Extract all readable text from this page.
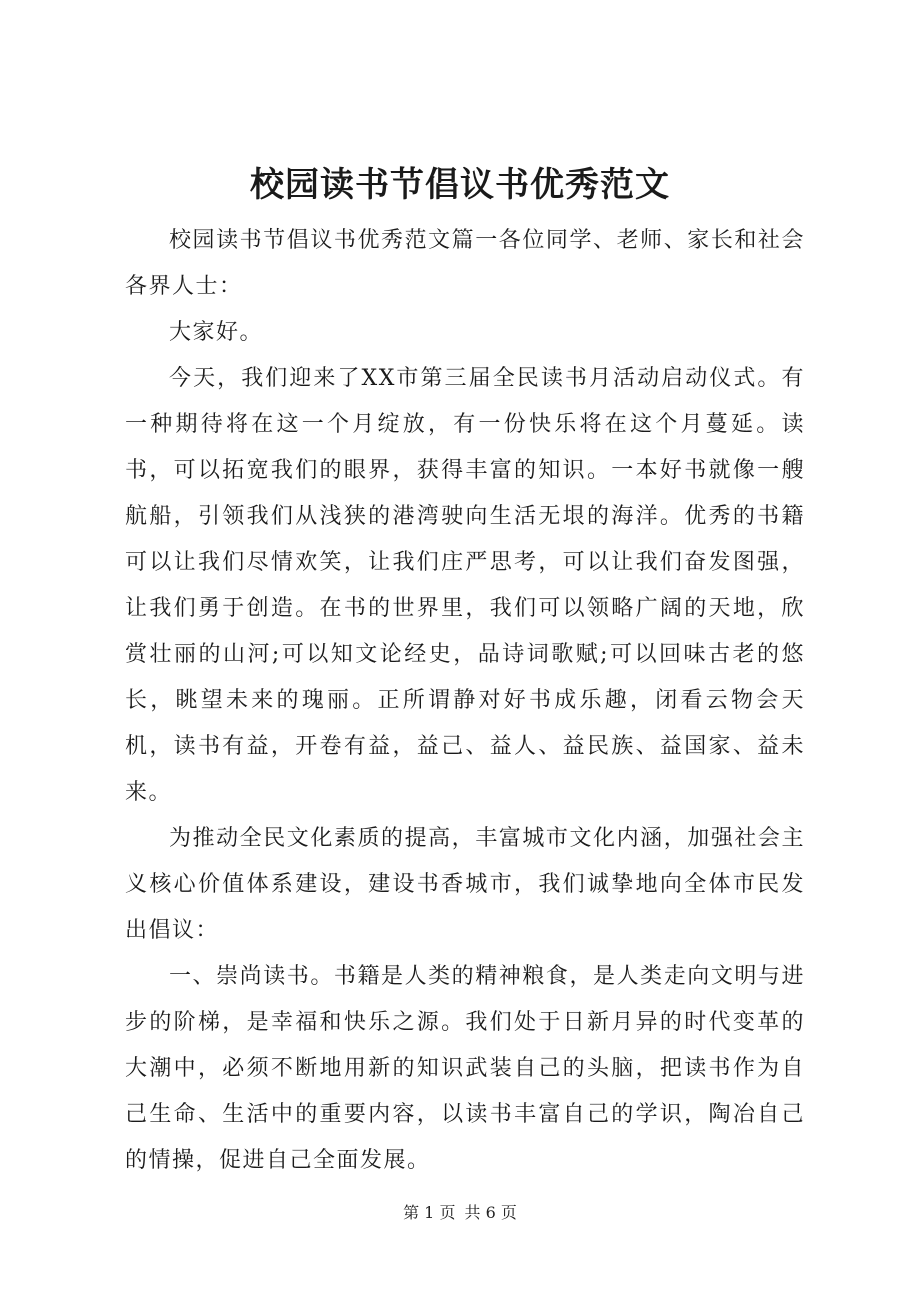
校园读书节倡议书优秀范文

校园读书节倡议书优秀范文篇一各位同学、老师、家长和社会各界人士：

大家好。

今天，我们迎来了XX市第三届全民读书月活动启动仪式。有一种期待将在这一个月绽放，有一份快乐将在这个月蔓延。读书，可以拓宽我们的眼界，获得丰富的知识。一本好书就像一艘航船，引领我们从浅狭的港湾驶向生活无垠的海洋。优秀的书籍可以让我们尽情欢笑，让我们庄严思考，可以让我们奋发图强，让我们勇于创造。在书的世界里，我们可以领略广阔的天地，欣赏壮丽的山河;可以知文论经史，品诗词歌赋;可以回味古老的悠长，眺望未来的瑰丽。正所谓静对好书成乐趣，闭看云物会天机，读书有益，开卷有益，益己、益人、益民族、益国家、益未来。

为推动全民文化素质的提高，丰富城市文化内涵，加强社会主义核心价值体系建设，建设书香城市，我们诚挚地向全体市民发出倡议：

一、崇尚读书。书籍是人类的精神粮食，是人类走向文明与进步的阶梯，是幸福和快乐之源。我们处于日新月异的时代变革的大潮中，必须不断地用新的知识武装自己的头脑，把读书作为自己生命、生活中的重要内容，以读书丰富自己的学识，陶冶自己的情操，促进自己全面发展。

第 1 页 共 6 页
